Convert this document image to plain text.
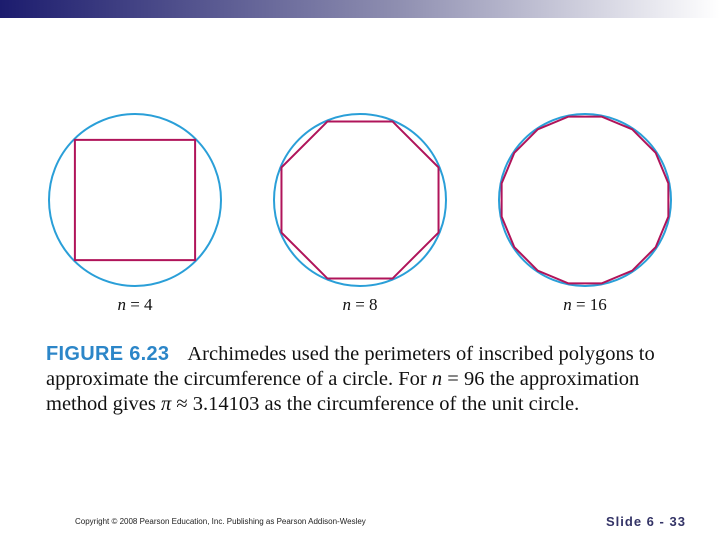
n = 4	n = 8	n = 16
FIGURE 6.23 Archimedes used the perimeters of inscribed polygons to
approximate the circumference of a circle. For n = 96 the approximation
method gives π ≈ 3.14103 as the circumference of the unit circle.
Copyright © 2008 Pearson Education, Inc. Publishing as Pearson Addison-Wesley	Slide 6 - 33
